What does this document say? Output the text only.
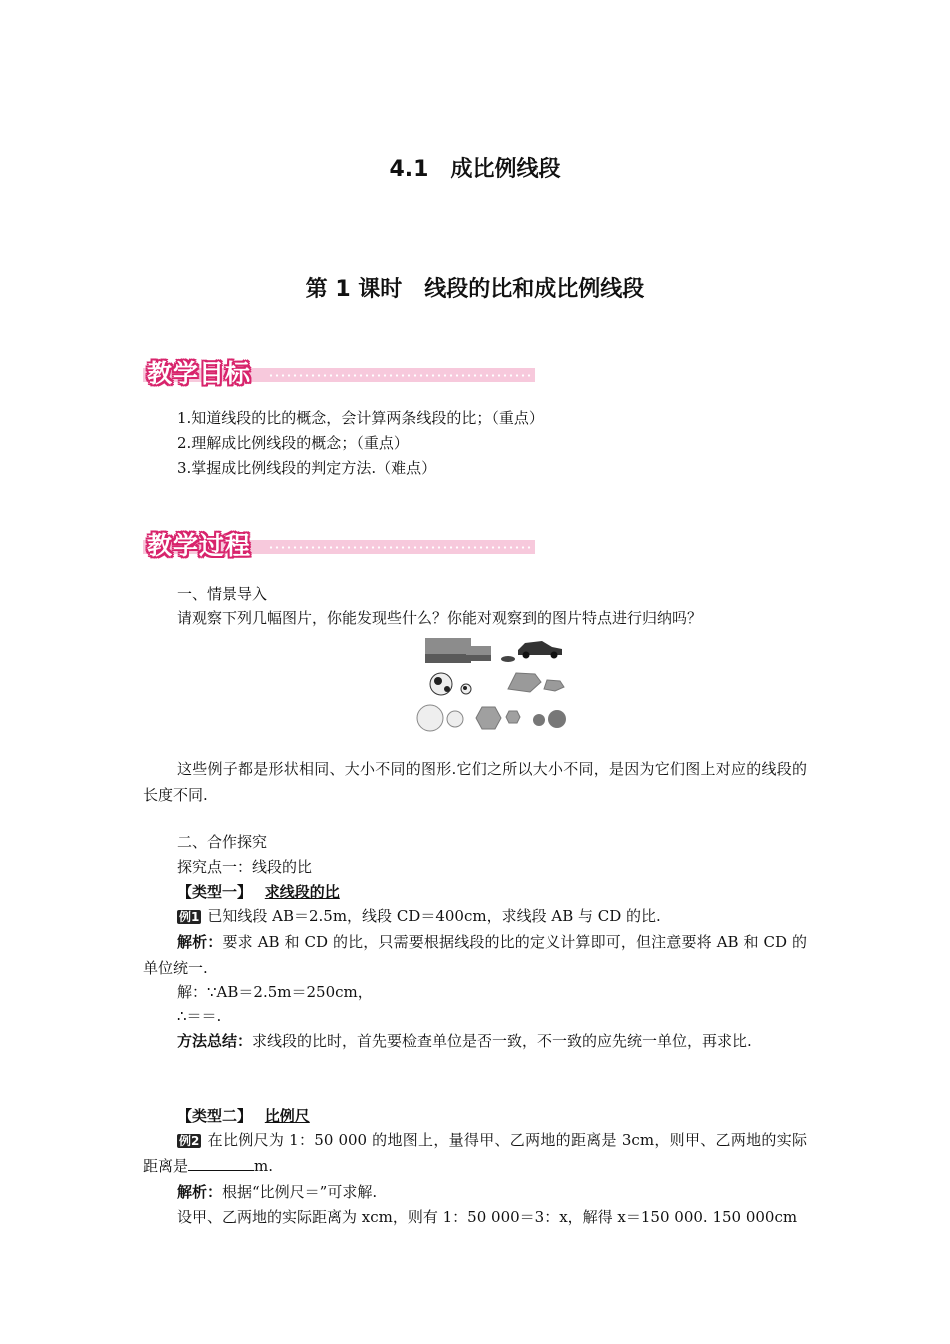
4.1　成比例线段
第 1 课时　线段的比和成比例线段
教学目标
1.知道线段的比的概念，会计算两条线段的比；（重点）
2.理解成比例线段的概念；（重点）
3.掌握成比例线段的判定方法.（难点）
教学过程
一、情景导入
请观察下列几幅图片，你能发现些什么？你能对观察到的图片特点进行归纳吗？
这些例子都是形状相同、大小不同的图形.它们之所以大小不同，是因为它们图上对应的线段的长度不同.
二、合作探究
探究点一：线段的比
【类型一】 求线段的比
例1 已知线段 AB＝2.5m，线段 CD＝400cm，求线段 AB 与 CD 的比.
解析：要求 AB 和 CD 的比，只需要根据线段的比的定义计算即可，但注意要将 AB 和 CD 的单位统一.
解：∵AB＝2.5m＝250cm，
∴＝＝.
方法总结：求线段的比时，首先要检查单位是否一致，不一致的应先统一单位，再求比.
【类型二】 比例尺
例2 在比例尺为 1：50 000 的地图上，量得甲、乙两地的距离是 3cm，则甲、乙两地的实际距离是	m.
解析：根据“比例尺＝”可求解.
设甲、乙两地的实际距离为 xcm，则有 1：50 000＝3：x，解得 x＝150 000. 150 000cm
